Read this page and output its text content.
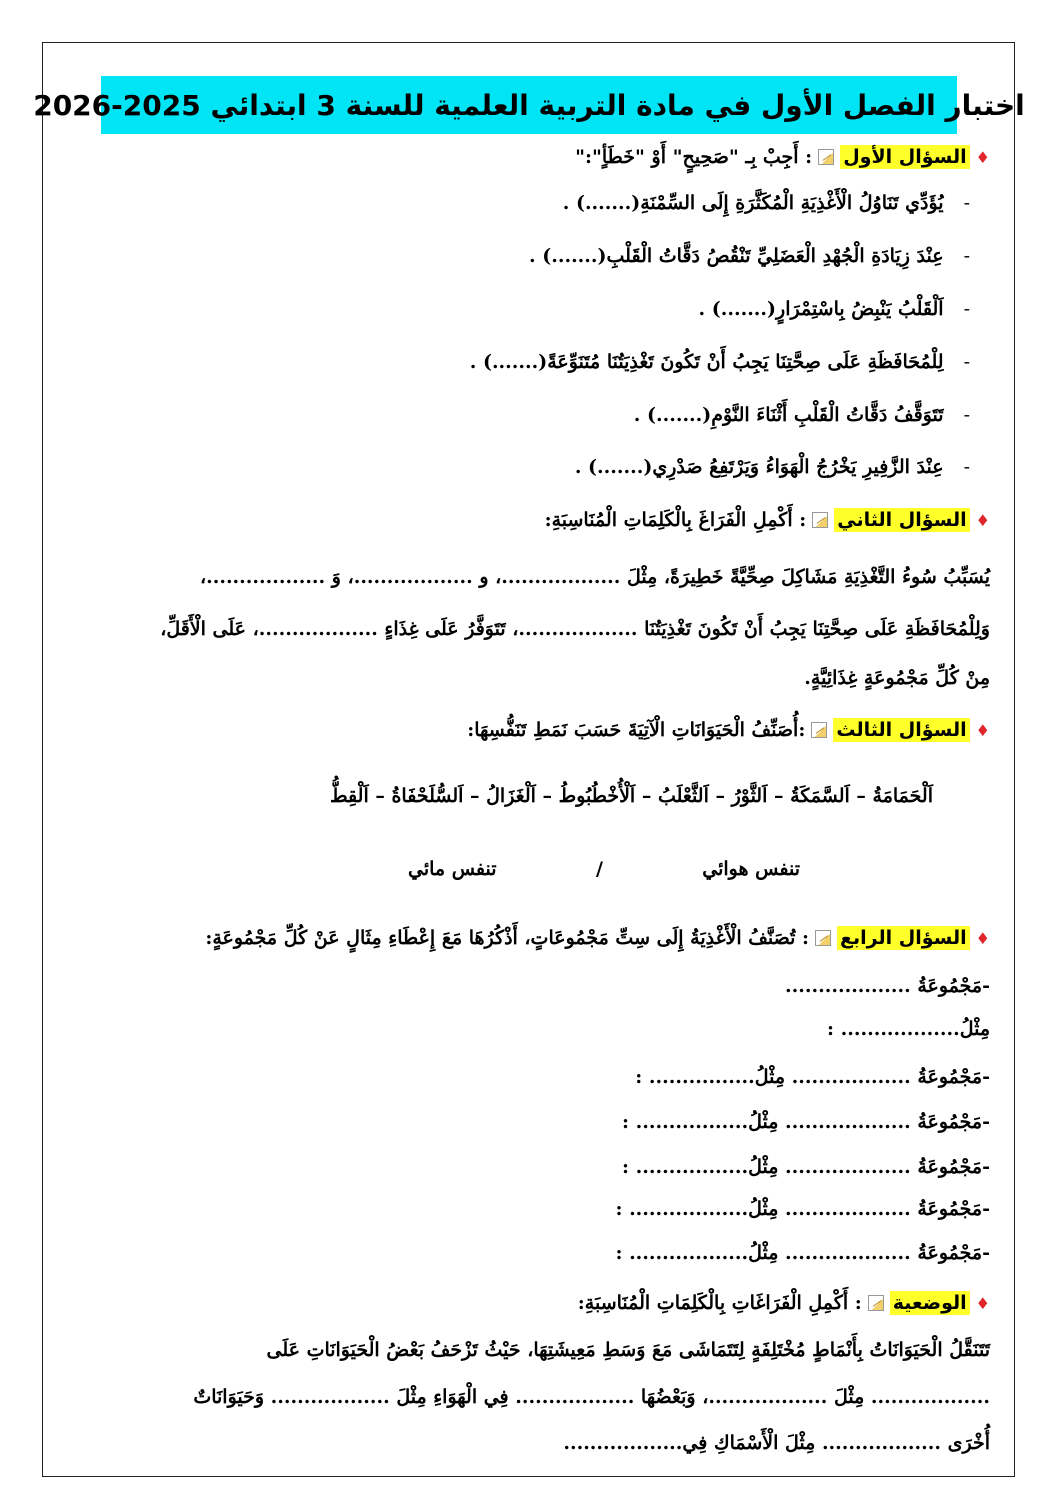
اختبار الفصل الأول في مادة التربية العلمية للسنة 3 ابتدائي 2025-2026
♦
السؤال الأول
: أَجِبْ بِـ "صَحِيحٍ" أَوْ "خَطَأٍ":"
-
يُؤَدِّي تَنَاوُلُ الْأَغْذِيَةِ الْمُكَثَّرَةِ إِلَى السِّمْنَةِ(.......) .
-
عِنْدَ زِيَادَةِ الْجُهْدِ الْعَضَلِيِّ تَنْقُصُ دَقَّاتُ الْقَلْبِ(.......) .
-
اَلْقَلْبُ يَنْبِضُ بِاسْتِمْرَارٍ(.......) .
-
لِلْمُحَافَظَةِ عَلَى صِحَّتِنَا يَجِبُ أَنْ تَكُونَ تَغْذِيَتُنَا مُتَنَوِّعَةً(.......) .
-
تَتَوَقَّفُ دَقَّاتُ الْقَلْبِ أَثْنَاءَ النَّوْمِ(.......) .
-
عِنْدَ الزَّفِيرِ يَخْرُجُ الْهَوَاءُ وَيَرْتَفِعُ صَدْرِي(.......) .
♦
السؤال الثاني
: أَكْمِلِ الْفَرَاغَ بِالْكَلِمَاتِ الْمُنَاسِبَةِ:
يُسَبِّبُ سُوءُ التَّغْذِيَةِ مَشَاكِلَ صِحِّيَّةً خَطِيرَةً، مِثْلَ ..................، و ..................، وَ ..................،
وَلِلْمُحَافَظَةِ عَلَى صِحَّتِنَا يَجِبُ أَنْ تَكُونَ تَغْذِيَتُنَا ..................، تَتَوَفَّرُ عَلَى غِذَاءٍ ..................، عَلَى الْأَقَلِّ،
مِنْ كُلِّ مَجْمُوعَةٍ غِذَائِيَّةٍ.
♦
السؤال الثالث
:أُصَنِّفُ الْحَيَوَانَاتِ الْآتِيَةَ حَسَبَ نَمَطِ تَنَفُّسِهَا:
اَلْحَمَامَةُ – اَلسَّمَكَةُ – اَلثَّوْرُ – اَلثَّعْلَبُ – اَلْأُخْطُبُوطُ – اَلْغَزَالُ – اَلسُّلَحْفَاةُ – اَلْقِطُّ
تنفس هوائي
/
تنفس مائي
♦
السؤال الرابع
: تُصَنَّفُ الْأَغْذِيَةُ إِلَى سِتِّ مَجْمُوعَاتٍ، أَذْكُرُهَا مَعَ إِعْطَاءِ مِثَالٍ عَنْ كُلِّ مَجْمُوعَةٍ:
-مَجْمُوعَةُ ...................
مِثْلُ.................. :
-مَجْمُوعَةُ .................. مِثْلُ................ :
-مَجْمُوعَةُ ................... مِثْلُ................. :
-مَجْمُوعَةُ ................... مِثْلُ................. :
-مَجْمُوعَةُ ................... مِثْلُ.................. :
-مَجْمُوعَةُ ................... مِثْلُ.................. :
♦
الوضعية
: أَكْمِلِ الْفَرَاغَاتِ بِالْكَلِمَاتِ الْمُنَاسِبَةِ:
تَتَنَقَّلُ الْحَيَوَانَاتُ بِأَنْمَاطٍ مُخْتَلِفَةٍ لِتَتَمَاشَى مَعَ وَسَطِ مَعِيشَتِهَا، حَيْثُ تَزْحَفُ بَعْضُ الْحَيَوَانَاتِ عَلَى
.................. مِثْلَ ..................، وَبَعْضُهَا .................. فِي الْهَوَاءِ مِثْلَ .................. وَحَيَوَانَاتٌ
أُخْرَى .................. مِثْلَ الْأَسْمَاكِ فِي..................
